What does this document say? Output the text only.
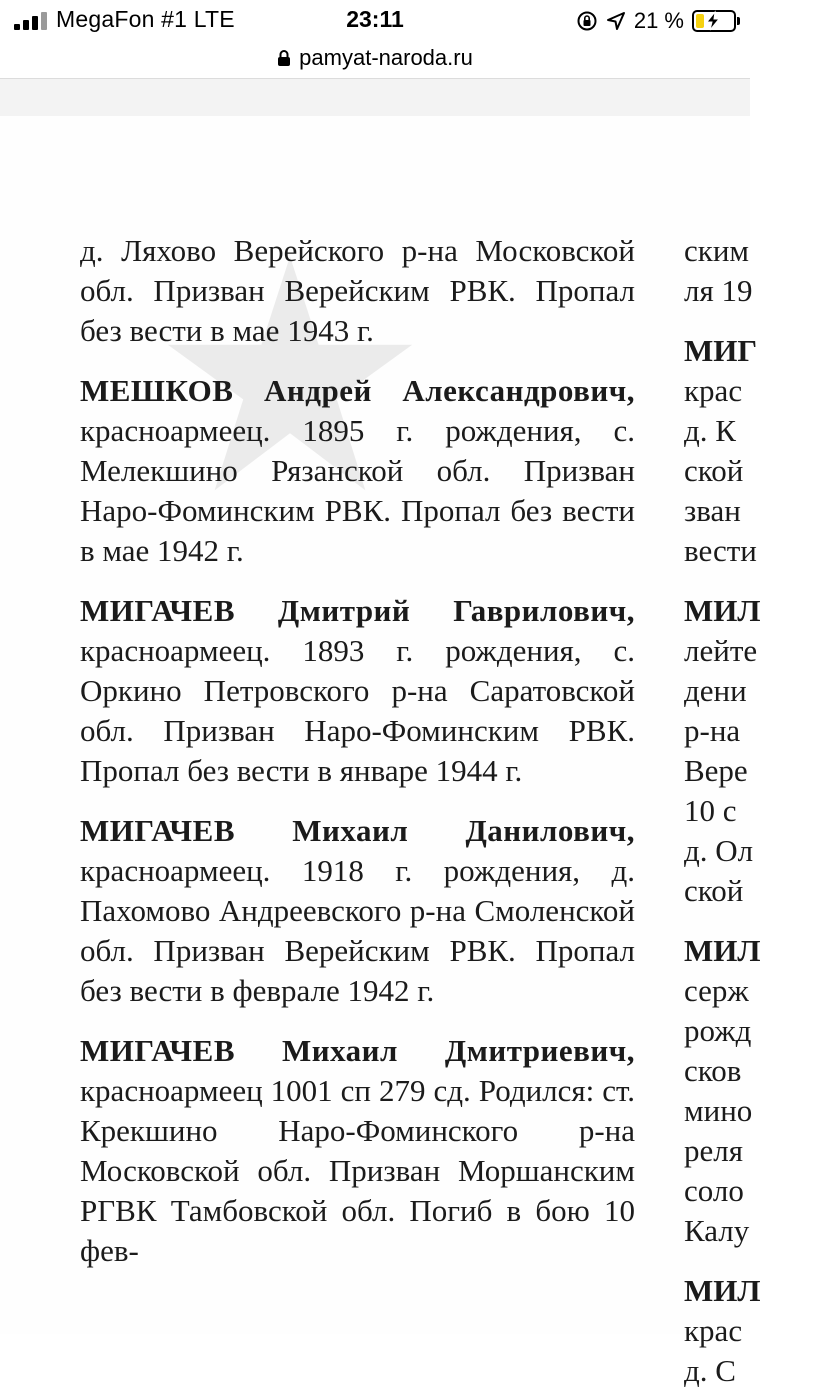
MegaFon #1 LTE	23:11	21 %
pamyat-naroda.ru

д. Ляхово Верейского р-на Московской обл. Призван Верейским РВК. Пропал без вести в мае 1943 г.

МЕШКОВ Андрей Александрович, красноармеец. 1895 г. рождения, с. Мелекшино Рязанской обл. Призван Наро-Фоминским РВК. Пропал без вести в мае 1942 г.

МИГАЧЕВ Дмитрий Гаврилович, красноармеец. 1893 г. рождения, с. Оркино Петровского р-на Саратовской обл. Призван Наро-Фоминским РВК. Пропал без вести в январе 1944 г.

МИГАЧЕВ Михаил Данилович, красноармеец. 1918 г. рождения, д. Пахомово Андреевского р-на Смоленской обл. Призван Верейским РВК. Пропал без вести в феврале 1942 г.

МИГАЧЕВ Михаил Дмитриевич, красноармеец 1001 сп 279 сд. Родился: ст. Крекшино Наро-Фоминского р-на Московской обл. Призван Моршанским РГВК Тамбовской обл. Погиб в бою 10 фев-

ским
ля 19
МИГ
крас
д. К
ской
зван
вести
МИЛ
лейте
дени
р-на
Вере
10 с
д. Ол
ской
МИЛ
серж
рожд
сков
мино
реля
соло
Калу
МИЛ
крас
д. С
